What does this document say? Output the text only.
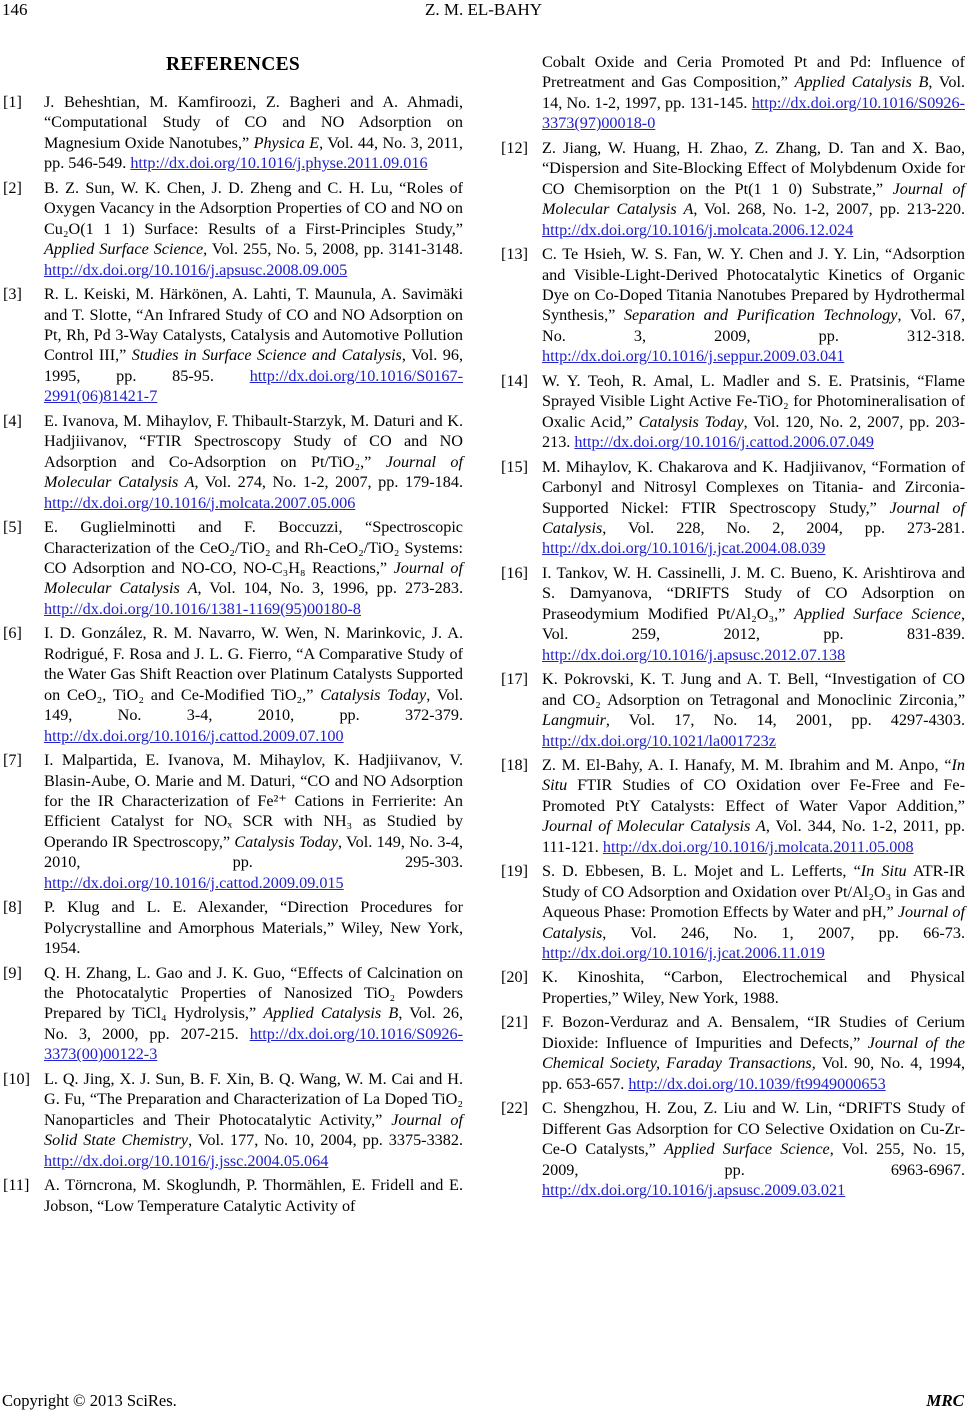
146	Z. M. EL-BAHY
REFERENCES
[1] J. Beheshtian, M. Kamfiroozi, Z. Bagheri and A. Ahmadi, “Computational Study of CO and NO Adsorption on Magnesium Oxide Nanotubes,” Physica E, Vol. 44, No. 3, 2011, pp. 546-549. http://dx.doi.org/10.1016/j.physe.2011.09.016
[2] B. Z. Sun, W. K. Chen, J. D. Zheng and C. H. Lu, “Roles of Oxygen Vacancy in the Adsorption Properties of CO and NO on Cu₂O(1 1 1) Surface: Results of a First-Principles Study,” Applied Surface Science, Vol. 255, No. 5, 2008, pp. 3141-3148. http://dx.doi.org/10.1016/j.apsusc.2008.09.005
[3] R. L. Keiski, M. Härkönen, A. Lahti, T. Maunula, A. Savimäki and T. Slotte, “An Infrared Study of CO and NO Adsorption on Pt, Rh, Pd 3-Way Catalysts, Catalysis and Automotive Pollution Control III,” Studies in Surface Science and Catalysis, Vol. 96, 1995, pp. 85-95. http://dx.doi.org/10.1016/S0167-2991(06)81421-7
[4] E. Ivanova, M. Mihaylov, F. Thibault-Starzyk, M. Daturi and K. Hadjiivanov, “FTIR Spectroscopy Study of CO and NO Adsorption and Co-Adsorption on Pt/TiO₂,” Journal of Molecular Catalysis A, Vol. 274, No. 1-2, 2007, pp. 179-184. http://dx.doi.org/10.1016/j.molcata.2007.05.006
[5] E. Guglielminotti and F. Boccuzzi, “Spectroscopic Characterization of the CeO₂/TiO₂ and Rh-CeO₂/TiO₂ Systems: CO Adsorption and NO-CO, NO-C₃H₈ Reactions,” Journal of Molecular Catalysis A, Vol. 104, No. 3, 1996, pp. 273-283. http://dx.doi.org/10.1016/1381-1169(95)00180-8
[6] I. D. González, R. M. Navarro, W. Wen, N. Marinkovic, J. A. Rodrigué, F. Rosa and J. L. G. Fierro, “A Comparative Study of the Water Gas Shift Reaction over Platinum Catalysts Supported on CeO₂, TiO₂ and Ce-Modified TiO₂,” Catalysis Today, Vol. 149, No. 3-4, 2010, pp. 372-379. http://dx.doi.org/10.1016/j.cattod.2009.07.100
[7] I. Malpartida, E. Ivanova, M. Mihaylov, K. Hadjiivanov, V. Blasin-Aube, O. Marie and M. Daturi, “CO and NO Adsorption for the IR Characterization of Fe²⁺ Cations in Ferrierite: An Efficient Catalyst for NOₓ SCR with NH₃ as Studied by Operando IR Spectroscopy,” Catalysis Today, Vol. 149, No. 3-4, 2010, pp. 295-303. http://dx.doi.org/10.1016/j.cattod.2009.09.015
[8] P. Klug and L. E. Alexander, “Direction Procedures for Polycrystalline and Amorphous Materials,” Wiley, New York, 1954.
[9] Q. H. Zhang, L. Gao and J. K. Guo, “Effects of Calcination on the Photocatalytic Properties of Nanosized TiO₂ Powders Prepared by TiCl₄ Hydrolysis,” Applied Catalysis B, Vol. 26, No. 3, 2000, pp. 207-215. http://dx.doi.org/10.1016/S0926-3373(00)00122-3
[10] L. Q. Jing, X. J. Sun, B. F. Xin, B. Q. Wang, W. M. Cai and H. G. Fu, “The Preparation and Characterization of La Doped TiO₂ Nanoparticles and Their Photocatalytic Activity,” Journal of Solid State Chemistry, Vol. 177, No. 10, 2004, pp. 3375-3382. http://dx.doi.org/10.1016/j.jssc.2004.05.064
[11] A. Törncrona, M. Skoglundh, P. Thormählen, E. Fridell and E. Jobson, “Low Temperature Catalytic Activity of
Cobalt Oxide and Ceria Promoted Pt and Pd: Influence of Pretreatment and Gas Composition,” Applied Catalysis B, Vol. 14, No. 1-2, 1997, pp. 131-145. http://dx.doi.org/10.1016/S0926-3373(97)00018-0
[12] Z. Jiang, W. Huang, H. Zhao, Z. Zhang, D. Tan and X. Bao, “Dispersion and Site-Blocking Effect of Molybdenum Oxide for CO Chemisorption on the Pt(1 1 0) Substrate,” Journal of Molecular Catalysis A, Vol. 268, No. 1-2, 2007, pp. 213-220. http://dx.doi.org/10.1016/j.molcata.2006.12.024
[13] C. Te Hsieh, W. S. Fan, W. Y. Chen and J. Y. Lin, “Adsorption and Visible-Light-Derived Photocatalytic Kinetics of Organic Dye on Co-Doped Titania Nanotubes Prepared by Hydrothermal Synthesis,” Separation and Purification Technology, Vol. 67, No. 3, 2009, pp. 312-318. http://dx.doi.org/10.1016/j.seppur.2009.03.041
[14] W. Y. Teoh, R. Amal, L. Madler and S. E. Pratsinis, “Flame Sprayed Visible Light Active Fe-TiO₂ for Photomineralisation of Oxalic Acid,” Catalysis Today, Vol. 120, No. 2, 2007, pp. 203-213. http://dx.doi.org/10.1016/j.cattod.2006.07.049
[15] M. Mihaylov, K. Chakarova and K. Hadjiivanov, “Formation of Carbonyl and Nitrosyl Complexes on Titania- and Zirconia-Supported Nickel: FTIR Spectroscopy Study,” Journal of Catalysis, Vol. 228, No. 2, 2004, pp. 273-281. http://dx.doi.org/10.1016/j.jcat.2004.08.039
[16] I. Tankov, W. H. Cassinelli, J. M. C. Bueno, K. Arishtirova and S. Damyanova, “DRIFTS Study of CO Adsorption on Praseodymium Modified Pt/Al₂O₃,” Applied Surface Science, Vol. 259, 2012, pp. 831-839. http://dx.doi.org/10.1016/j.apsusc.2012.07.138
[17] K. Pokrovski, K. T. Jung and A. T. Bell, “Investigation of CO and CO₂ Adsorption on Tetragonal and Monoclinic Zirconia,” Langmuir, Vol. 17, No. 14, 2001, pp. 4297-4303. http://dx.doi.org/10.1021/la001723z
[18] Z. M. El-Bahy, A. I. Hanafy, M. M. Ibrahim and M. Anpo, “In Situ FTIR Studies of CO Oxidation over Fe-Free and Fe-Promoted PtY Catalysts: Effect of Water Vapor Addition,” Journal of Molecular Catalysis A, Vol. 344, No. 1-2, 2011, pp. 111-121. http://dx.doi.org/10.1016/j.molcata.2011.05.008
[19] S. D. Ebbesen, B. L. Mojet and L. Lefferts, “In Situ ATR-IR Study of CO Adsorption and Oxidation over Pt/Al₂O₃ in Gas and Aqueous Phase: Promotion Effects by Water and pH,” Journal of Catalysis, Vol. 246, No. 1, 2007, pp. 66-73. http://dx.doi.org/10.1016/j.jcat.2006.11.019
[20] K. Kinoshita, “Carbon, Electrochemical and Physical Properties,” Wiley, New York, 1988.
[21] F. Bozon-Verduraz and A. Bensalem, “IR Studies of Cerium Dioxide: Influence of Impurities and Defects,” Journal of the Chemical Society, Faraday Transactions, Vol. 90, No. 4, 1994, pp. 653-657. http://dx.doi.org/10.1039/ft9949000653
[22] C. Shengzhou, H. Zou, Z. Liu and W. Lin, “DRIFTS Study of Different Gas Adsorption for CO Selective Oxidation on Cu-Zr-Ce-O Catalysts,” Applied Surface Science, Vol. 255, No. 15, 2009, pp. 6963-6967. http://dx.doi.org/10.1016/j.apsusc.2009.03.021
Copyright © 2013 SciRes.	MRC
